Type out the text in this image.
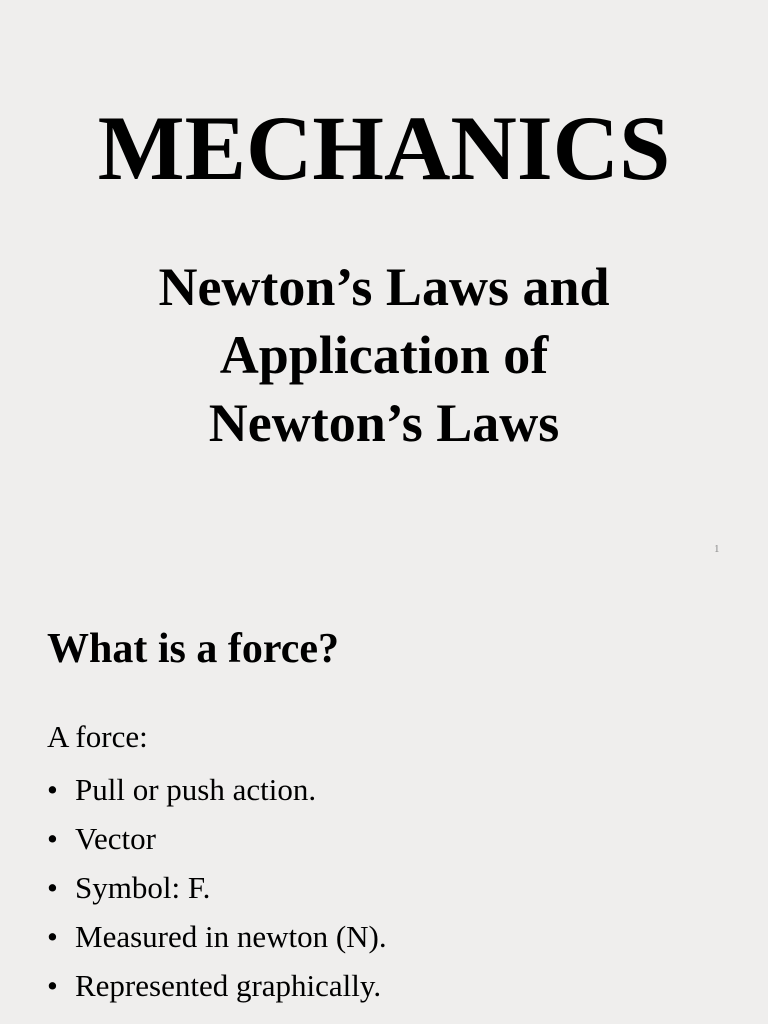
MECHANICS
Newton’s Laws and
Application of
Newton’s Laws
1
What is a force?
A force:
• Pull or push action.
• Vector
• Symbol: F.
• Measured in newton (N).
• Represented graphically.
